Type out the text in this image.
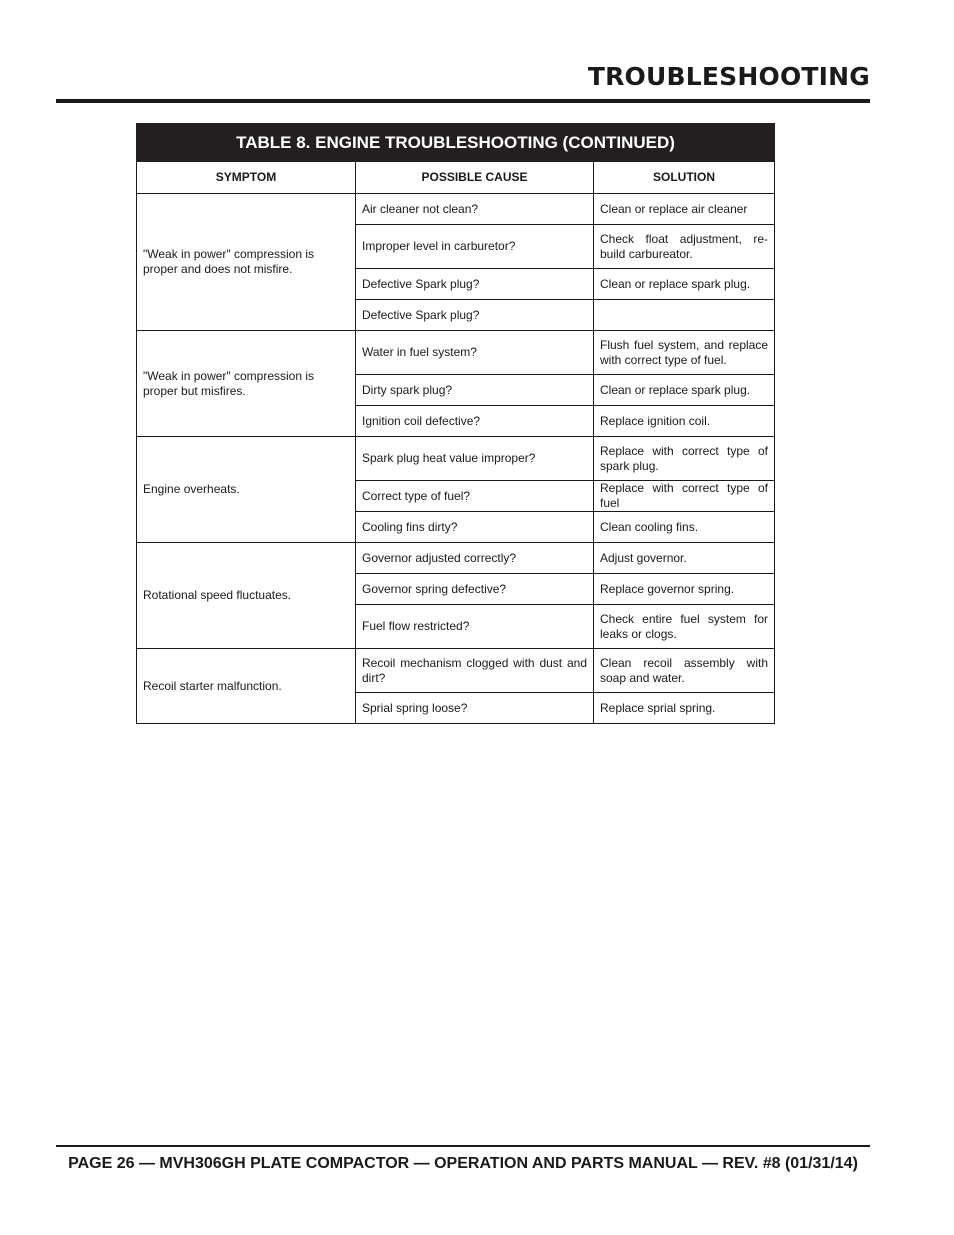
TROUBLESHOOTING
TABLE 8. ENGINE TROUBLESHOOTING (CONTINUED)		
SYMPTOM	POSSIBLE CAUSE	SOLUTION
"Weak in power" compression is proper and does not misfire.	Air cleaner not clean?	Clean or replace air cleaner
	Improper level in carburetor?	Check float adjustment, re-build carbureator.
	Defective Spark plug?	Clean or replace spark plug.
	Defective Spark plug?	
"Weak in power" compression is proper but misfires.	Water in fuel system?	Flush fuel system, and replace with correct type of fuel.
	Dirty spark plug?	Clean or replace spark plug.
	Ignition coil defective?	Replace ignition coil.
Engine overheats.	Spark plug heat value improper?	Replace with correct type of spark plug.
	Correct type of fuel?	Replace with correct type of fuel
	Cooling fins dirty?	Clean cooling fins.
Rotational speed fluctuates.	Governor adjusted correctly?	Adjust governor.
	Governor spring defective?	Replace governor spring.
	Fuel flow restricted?	Check entire fuel system for leaks or clogs.
Recoil starter malfunction.	Recoil mechanism clogged with dust and dirt?	Clean recoil assembly with soap and water.
	Sprial spring loose?	Replace sprial spring.

PAGE 26 — MVH306GH PLATE COMPACTOR — OPERATION AND PARTS MANUAL — REV. #8 (01/31/14)
